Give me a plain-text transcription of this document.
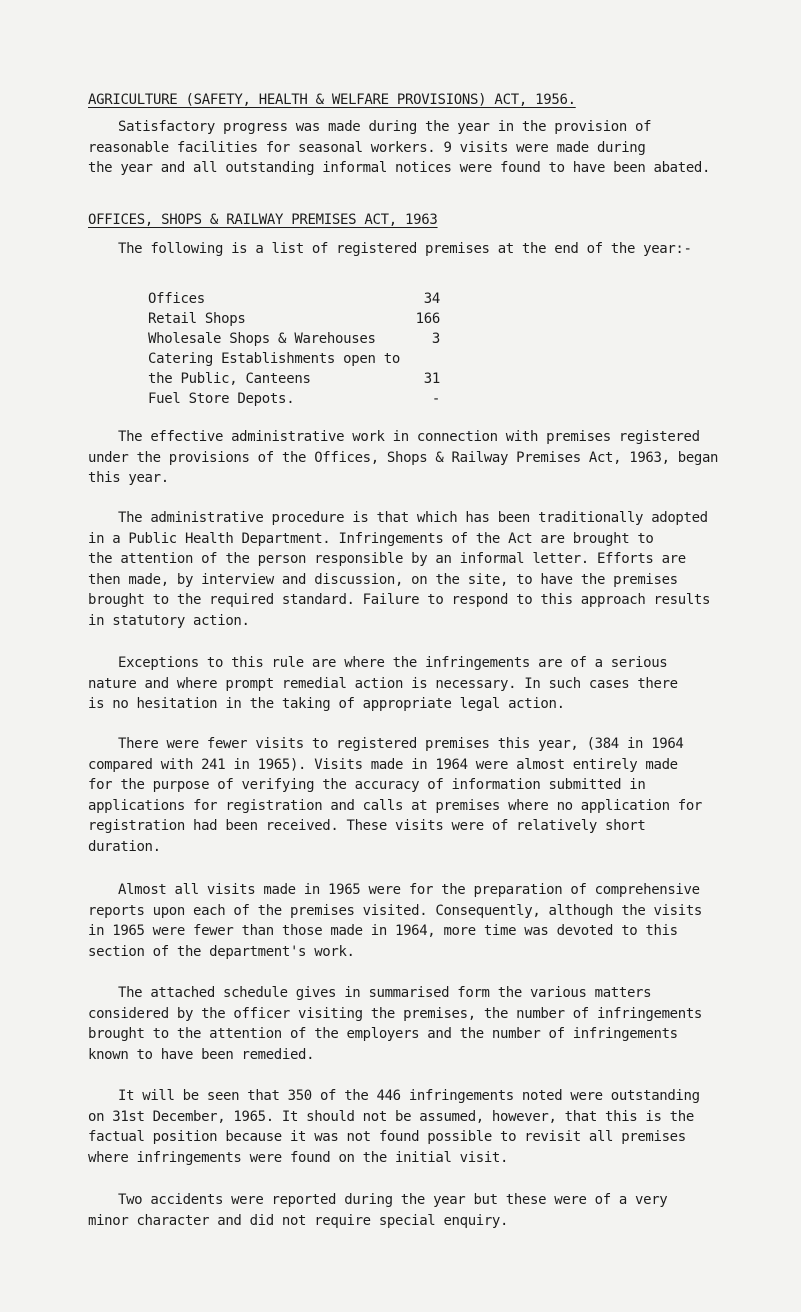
AGRICULTURE (SAFETY, HEALTH & WELFARE PROVISIONS) ACT, 1956.
Satisfactory progress was made during the year in the provision of
reasonable facilities for seasonal workers. 9 visits were made during
the year and all outstanding informal notices were found to have been abated.
OFFICES, SHOPS & RAILWAY PREMISES ACT, 1963
The following is a list of registered premises at the end of the year:-
Offices	34
Retail Shops	166
Wholesale Shops & Warehouses	3
Catering Establishments open to	
the Public, Canteens	31
Fuel Store Depots.	-
The effective administrative work in connection with premises registered
under the provisions of the Offices, Shops & Railway Premises Act, 1963, began
this year.
The administrative procedure is that which has been traditionally adopted
in a Public Health Department. Infringements of the Act are brought to
the attention of the person responsible by an informal letter. Efforts are
then made, by interview and discussion, on the site, to have the premises
brought to the required standard. Failure to respond to this approach results
in statutory action.
Exceptions to this rule are where the infringements are of a serious
nature and where prompt remedial action is necessary. In such cases there
is no hesitation in the taking of appropriate legal action.
There were fewer visits to registered premises this year, (384 in 1964
compared with 241 in 1965). Visits made in 1964 were almost entirely made
for the purpose of verifying the accuracy of information submitted in
applications for registration and calls at premises where no application for
registration had been received. These visits were of relatively short
duration.
Almost all visits made in 1965 were for the preparation of comprehensive
reports upon each of the premises visited. Consequently, although the visits
in 1965 were fewer than those made in 1964, more time was devoted to this
section of the department's work.
The attached schedule gives in summarised form the various matters
considered by the officer visiting the premises, the number of infringements
brought to the attention of the employers and the number of infringements
known to have been remedied.
It will be seen that 350 of the 446 infringements noted were outstanding
on 31st December, 1965. It should not be assumed, however, that this is the
factual position because it was not found possible to revisit all premises
where infringements were found on the initial visit.
Two accidents were reported during the year but these were of a very
minor character and did not require special enquiry.
